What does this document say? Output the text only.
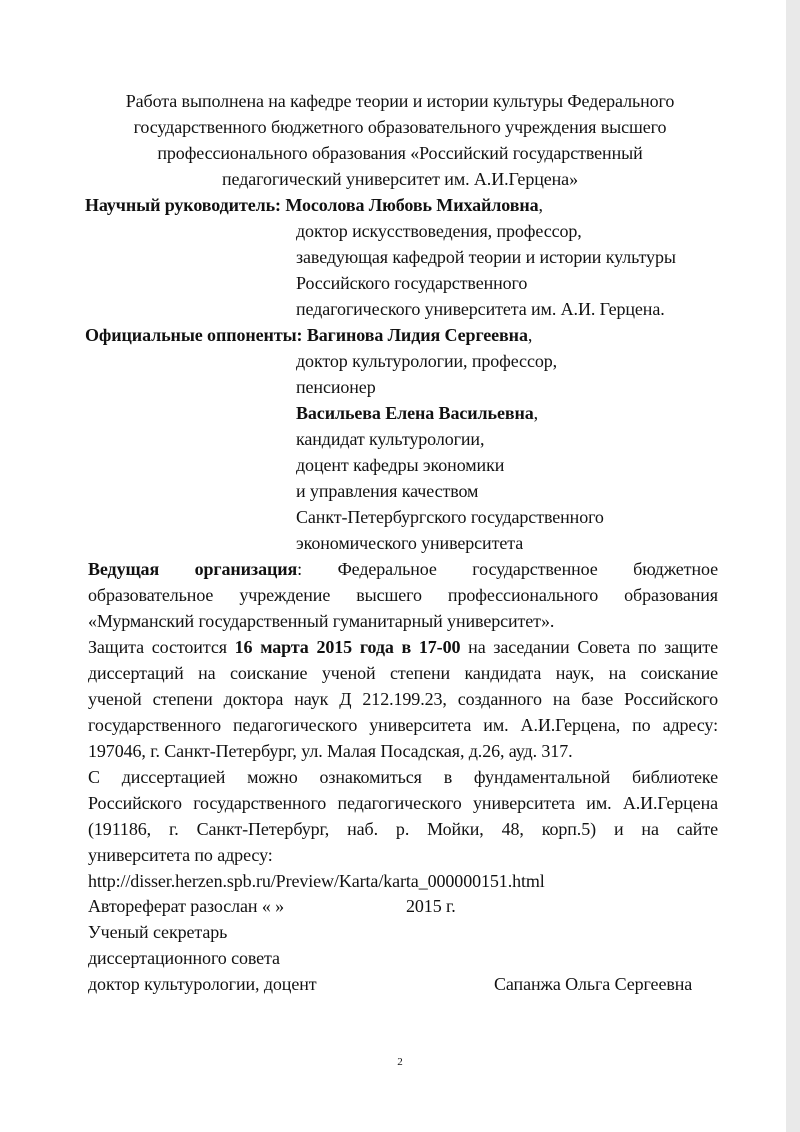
Работа выполнена на кафедре теории и истории культуры Федерального
государственного бюджетного образовательного учреждения высшего
профессионального образования «Российский государственный
педагогический университет им. А.И.Герцена»
Научный руководитель: Мосолова Любовь Михайловна,
доктор искусствоведения, профессор,
заведующая кафедрой теории и истории культуры
Российского государственного
педагогического университета им. А.И. Герцена.
Официальные оппоненты: Вагинова Лидия Сергеевна,
доктор культурологии, профессор,
пенсионер
Васильева Елена Васильевна,
кандидат культурологии,
доцент кафедры экономики
и управления качеством
Санкт-Петербургского государственного
экономического университета
Ведущая организация: Федеральное государственное бюджетное
образовательное учреждение высшего профессионального образования
«Мурманский государственный гуманитарный университет».
Защита состоится 16 марта 2015 года в 17-00 на заседании Совета по защите
диссертаций на соискание ученой степени кандидата наук, на соискание
ученой степени доктора наук Д 212.199.23, созданного на базе Российского
государственного педагогического университета им. А.И.Герцена, по адресу:
197046, г. Санкт-Петербург, ул. Малая Посадская, д.26, ауд. 317.
С диссертацией можно ознакомиться в фундаментальной библиотеке
Российского государственного педагогического университета им. А.И.Герцена
(191186, г. Санкт-Петербург, наб. р. Мойки, 48, корп.5) и на сайте
университета по адресу:
http://disser.herzen.spb.ru/Preview/Karta/karta_000000151.html
Автореферат разослан « »	2015 г.
Ученый секретарь
диссертационного совета
доктор культурологии, доцент	Сапанжа Ольга Сергеевна
2
